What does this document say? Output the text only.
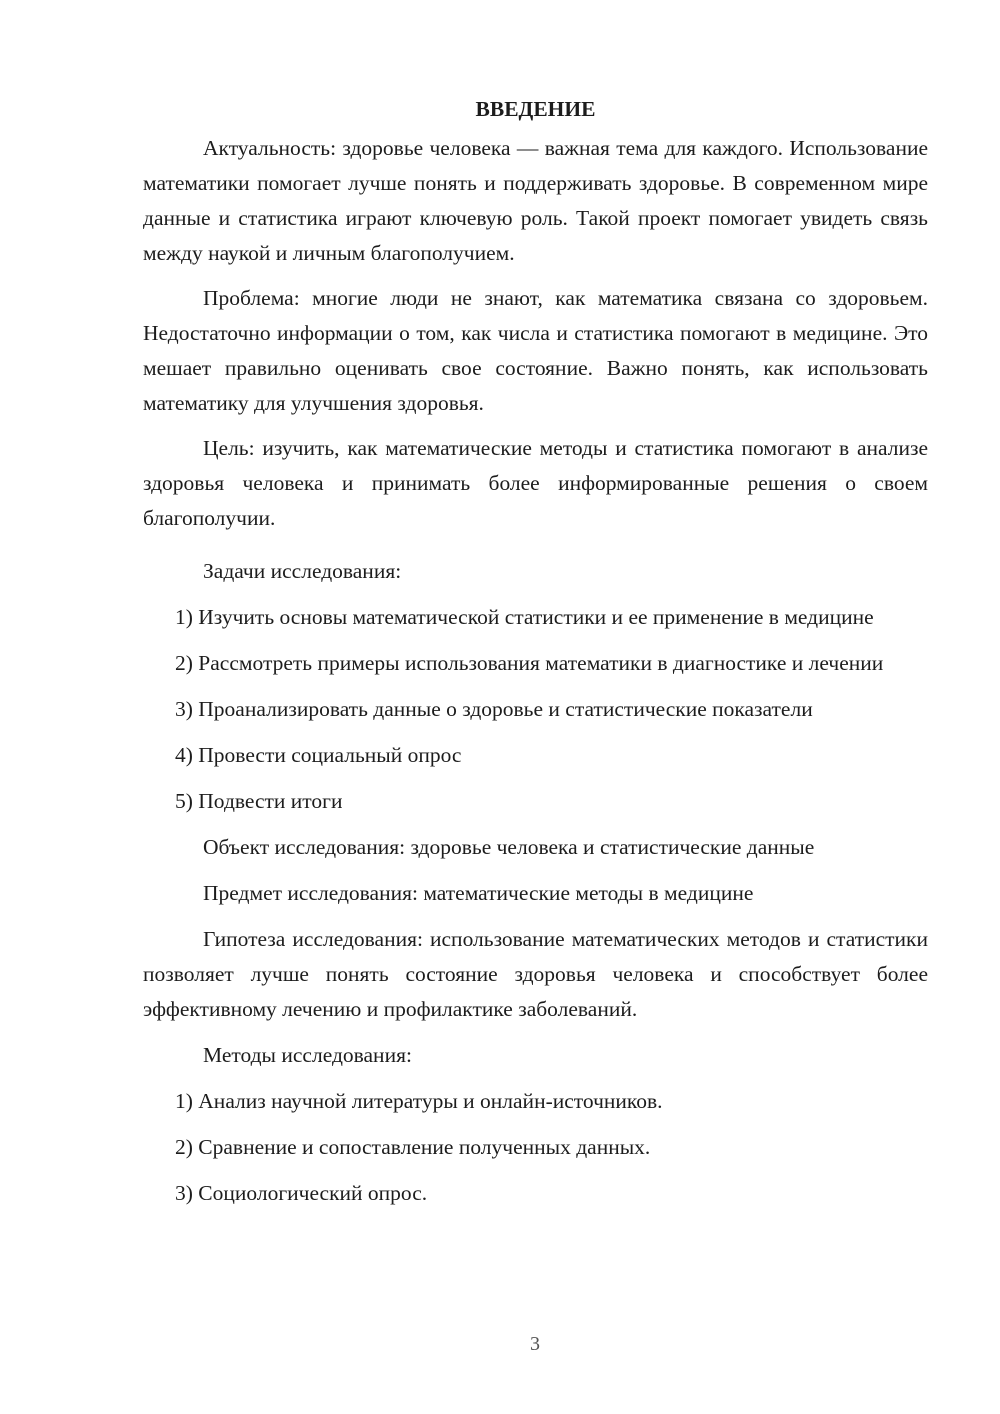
ВВЕДЕНИЕ

Актуальность: здоровье человека — важная тема для каждого. Использование математики помогает лучше понять и поддерживать здоровье. В современном мире данные и статистика играют ключевую роль. Такой проект помогает увидеть связь между наукой и личным благополучием.

Проблема: многие люди не знают, как математика связана со здоровьем. Недостаточно информации о том, как числа и статистика помогают в медицине. Это мешает правильно оценивать свое состояние. Важно понять, как использовать математику для улучшения здоровья.

Цель: изучить, как математические методы и статистика помогают в анализе здоровья человека и принимать более информированные решения о своем благополучии.

Задачи исследования:

1) Изучить основы математической статистики и ее применение в медицине

2) Рассмотреть примеры использования математики в диагностике и лечении

3) Проанализировать данные о здоровье и статистические показатели

4) Провести социальный опрос

5) Подвести итоги

Объект исследования: здоровье человека и статистические данные

Предмет исследования: математические методы в медицине

Гипотеза исследования: использование математических методов и статистики позволяет лучше понять состояние здоровья человека и способствует более эффективному лечению и профилактике заболеваний.

Методы исследования:

1) Анализ научной литературы и онлайн-источников.

2) Сравнение и сопоставление полученных данных.

3) Социологический опрос.

3
